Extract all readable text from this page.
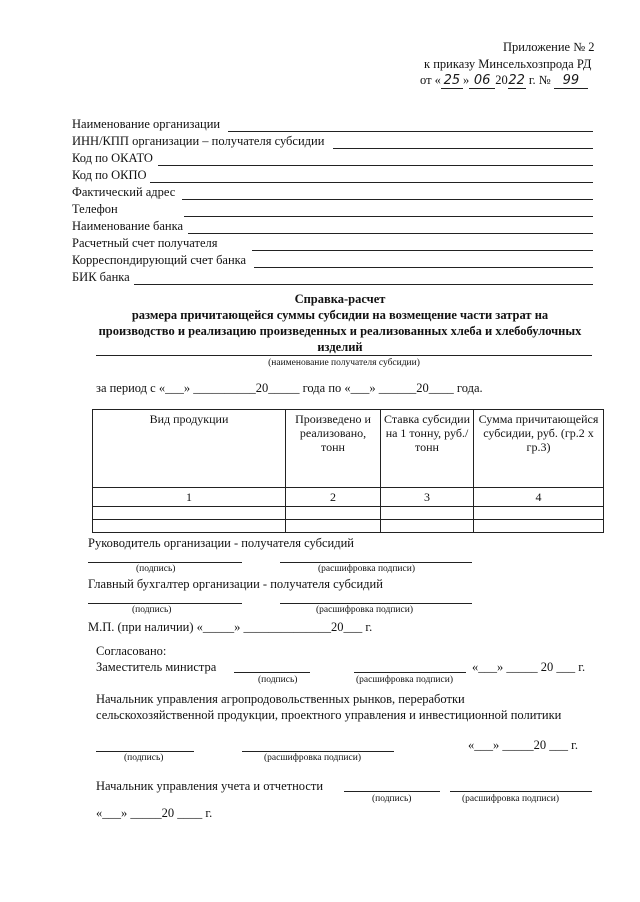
Приложение № 2
к приказу Минсельхозпрода РД
от « 25 » 06 2022 г. № 99
Наименование организации
ИНН/КПП организации – получателя субсидии
Код по ОКАТО
Код по ОКПО
Фактический адрес
Телефон
Наименование банка
Расчетный счет получателя
Корреспондирующий счет банка
БИК банка
Справка-расчет
размера причитающейся суммы субсидии на возмещение части затрат на
производство и реализацию произведенных и реализованных хлеба и хлебобулочных
изделий
(наименование получателя субсидии)
за период с «___» __________20_____ года по «___» ______20____ года.
Вид продукции	Произведено и реализовано, тонн	Ставка субсидии на 1 тонну, руб./тонн	Сумма причитающейся субсидии, руб. (гр.2 х гр.3)
1	2	3	4

Руководитель организации - получателя субсидий
(подпись)	(расшифровка подписи)
Главный бухгалтер организации - получателя субсидий
(подпись)	(расшифровка подписи)
М.П. (при наличии) «_____» ______________20___ г.
Согласовано:
Заместитель министра	«___» _____ 20 ___ г.
(подпись)	(расшифровка подписи)
Начальник управления агропродовольственных рынков, переработки
сельскохозяйственной продукции, проектного управления и инвестиционной политики
«___» _____20 ___ г.
(подпись)	(расшифровка подписи)
Начальник управления учета и отчетности
(подпись)	(расшифровка подписи)
«___» _____20 ____ г.
